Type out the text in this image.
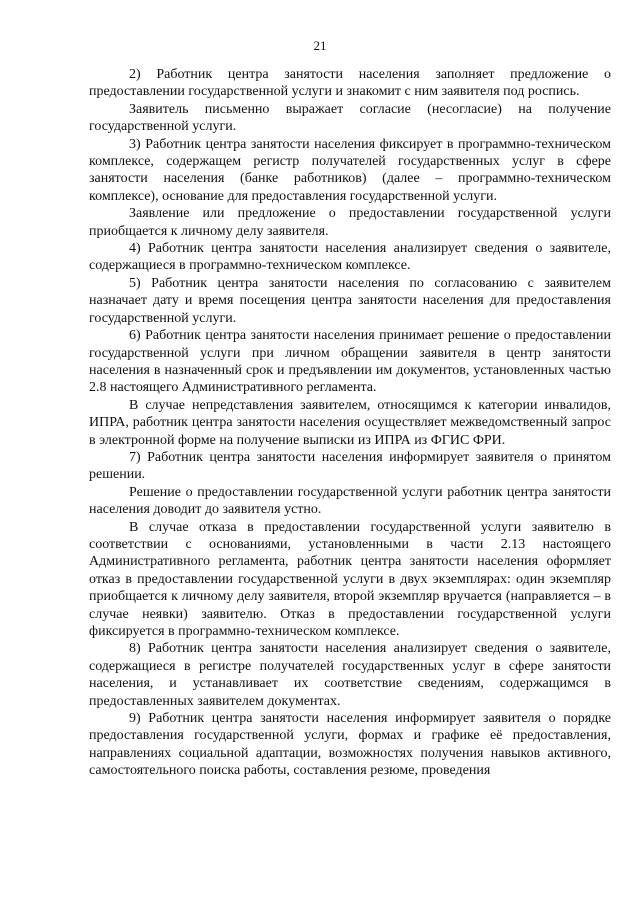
21

2) Работник центра занятости населения заполняет предложение о предоставлении государственной услуги и знакомит с ним заявителя под роспись.

Заявитель письменно выражает согласие (несогласие) на получение государственной услуги.

3) Работник центра занятости населения фиксирует в программно-техническом комплексе, содержащем регистр получателей государственных услуг в сфере занятости населения (банке работников) (далее – программно-техническом комплексе), основание для предоставления государственной услуги.

Заявление или предложение о предоставлении государственной услуги приобщается к личному делу заявителя.

4) Работник центра занятости населения анализирует сведения о заявителе, содержащиеся в программно-техническом комплексе.

5) Работник центра занятости населения по согласованию с заявителем назначает дату и время посещения центра занятости населения для предоставления государственной услуги.

6) Работник центра занятости населения принимает решение о предоставлении государственной услуги при личном обращении заявителя в центр занятости населения в назначенный срок и предъявлении им документов, установленных частью 2.8 настоящего Административного регламента.

В случае непредставления заявителем, относящимся к категории инвалидов, ИПРА, работник центра занятости населения осуществляет межведомственный запрос в электронной форме на получение выписки из ИПРА из ФГИС ФРИ.

7) Работник центра занятости населения информирует заявителя о принятом решении.

Решение о предоставлении государственной услуги работник центра занятости населения доводит до заявителя устно.

В случае отказа в предоставлении государственной услуги заявителю в соответствии с основаниями, установленными в части 2.13 настоящего Административного регламента, работник центра занятости населения оформляет отказ в предоставлении государственной услуги в двух экземплярах: один экземпляр приобщается к личному делу заявителя, второй экземпляр вручается (направляется – в случае неявки) заявителю. Отказ в предоставлении государственной услуги фиксируется в программно-техническом комплексе.

8) Работник центра занятости населения анализирует сведения о заявителе, содержащиеся в регистре получателей государственных услуг в сфере занятости населения, и устанавливает их соответствие сведениям, содержащимся в предоставленных заявителем документах.

9) Работник центра занятости населения информирует заявителя о порядке предоставления государственной услуги, формах и графике её предоставления, направлениях социальной адаптации, возможностях получения навыков активного, самостоятельного поиска работы, составления резюме, проведения
